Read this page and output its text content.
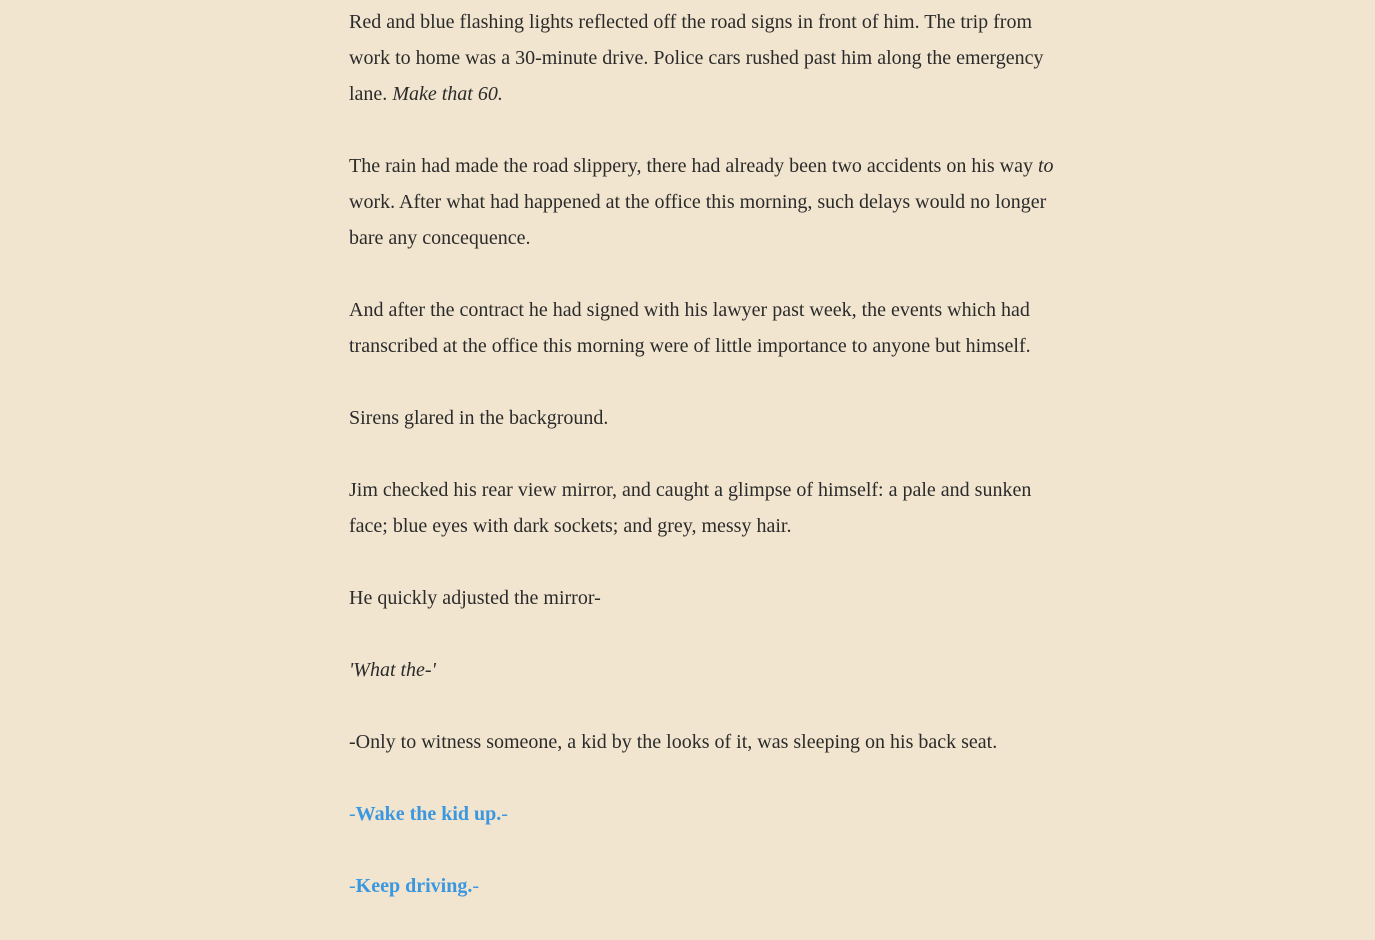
Red and blue flashing lights reflected off the road signs in front of him. The trip from work to home was a 30-minute drive. Police cars rushed past him along the emergency lane. Make that 60.

The rain had made the road slippery, there had already been two accidents on his way to work. After what had happened at the office this morning, such delays would no longer bare any concequence.

And after the contract he had signed with his lawyer past week, the events which had transcribed at the office this morning were of little importance to anyone but himself.

Sirens glared in the background.

Jim checked his rear view mirror, and caught a glimpse of himself: a pale and sunken face; blue eyes with dark sockets; and grey, messy hair.

He quickly adjusted the mirror-

'What the-'

-Only to witness someone, a kid by the looks of it, was sleeping on his back seat.

-Wake the kid up.-

-Keep driving.-
